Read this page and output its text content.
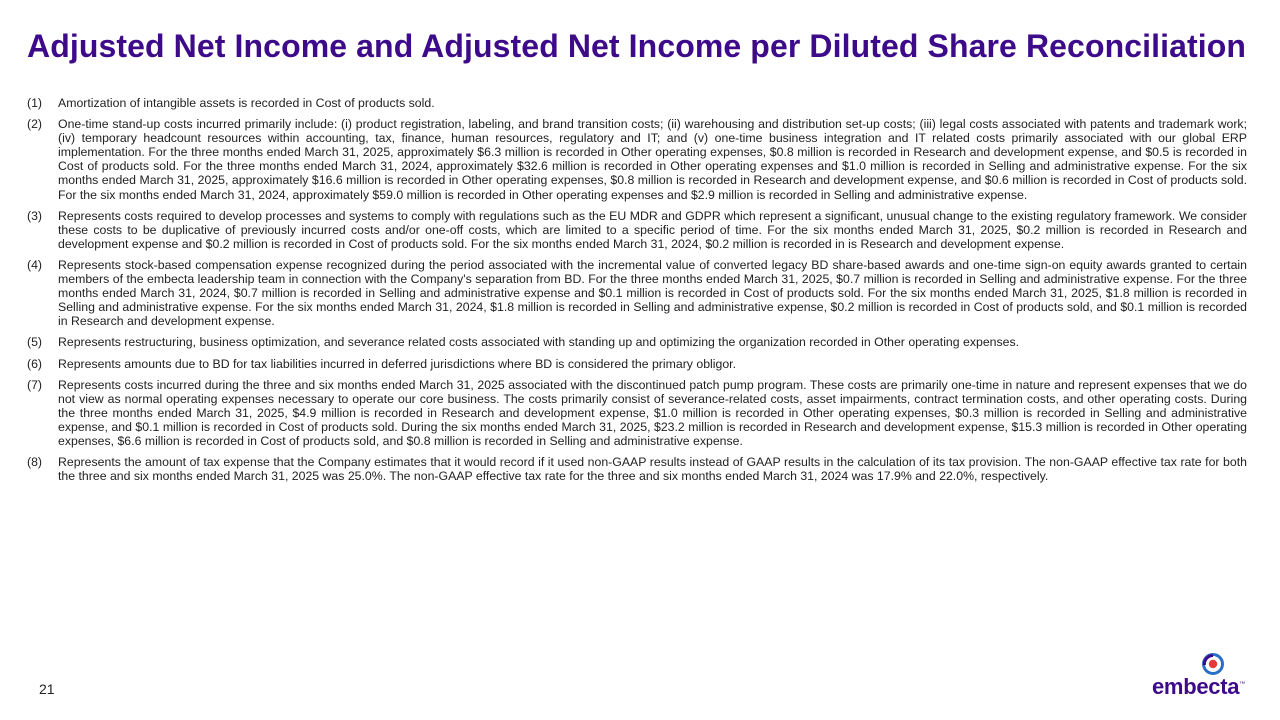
Adjusted Net Income and Adjusted Net Income per Diluted Share Reconciliation
(1)	Amortization of intangible assets is recorded in Cost of products sold.
(2)	One-time stand-up costs incurred primarily include: (i) product registration, labeling, and brand transition costs; (ii) warehousing and distribution set-up costs; (iii) legal costs associated with patents and trademark work; (iv) temporary headcount resources within accounting, tax, finance, human resources, regulatory and IT; and (v) one-time business integration and IT related costs primarily associated with our global ERP implementation. For the three months ended March 31, 2025, approximately $6.3 million is recorded in Other operating expenses, $0.8 million is recorded in Research and development expense, and $0.5 is recorded in Cost of products sold. For the three months ended March 31, 2024, approximately $32.6 million is recorded in Other operating expenses and $1.0 million is recorded in Selling and administrative expense. For the six months ended March 31, 2025, approximately $16.6 million is recorded in Other operating expenses, $0.8 million is recorded in Research and development expense, and $0.6 million is recorded in Cost of products sold. For the six months ended March 31, 2024, approximately $59.0 million is recorded in Other operating expenses and $2.9 million is recorded in Selling and administrative expense.
(3)	Represents costs required to develop processes and systems to comply with regulations such as the EU MDR and GDPR which represent a significant, unusual change to the existing regulatory framework. We consider these costs to be duplicative of previously incurred costs and/or one-off costs, which are limited to a specific period of time. For the six months ended March 31, 2025, $0.2 million is recorded in Research and development expense and $0.2 million is recorded in Cost of products sold. For the six months ended March 31, 2024, $0.2 million is recorded in is Research and development expense.
(4)	Represents stock-based compensation expense recognized during the period associated with the incremental value of converted legacy BD share-based awards and one-time sign-on equity awards granted to certain members of the embecta leadership team in connection with the Company's separation from BD. For the three months ended March 31, 2025, $0.7 million is recorded in Selling and administrative expense. For the three months ended March 31, 2024, $0.7 million is recorded in Selling and administrative expense and $0.1 million is recorded in Cost of products sold. For the six months ended March 31, 2025, $1.8 million is recorded in Selling and administrative expense. For the six months ended March 31, 2024, $1.8 million is recorded in Selling and administrative expense, $0.2 million is recorded in Cost of products sold, and $0.1 million is recorded in Research and development expense.
(5)	Represents restructuring, business optimization, and severance related costs associated with standing up and optimizing the organization recorded in Other operating expenses.
(6)	Represents amounts due to BD for tax liabilities incurred in deferred jurisdictions where BD is considered the primary obligor.
(7)	Represents costs incurred during the three and six months ended March 31, 2025 associated with the discontinued patch pump program. These costs are primarily one-time in nature and represent expenses that we do not view as normal operating expenses necessary to operate our core business. The costs primarily consist of severance-related costs, asset impairments, contract termination costs, and other operating costs. During the three months ended March 31, 2025, $4.9 million is recorded in Research and development expense, $1.0 million is recorded in Other operating expenses, $0.3 million is recorded in Selling and administrative expense, and $0.1 million is recorded in Cost of products sold. During the six months ended March 31, 2025, $23.2 million is recorded in Research and development expense, $15.3 million is recorded in Other operating expenses, $6.6 million is recorded in Cost of products sold, and $0.8 million is recorded in Selling and administrative expense.
(8)	Represents the amount of tax expense that the Company estimates that it would record if it used non-GAAP results instead of GAAP results in the calculation of its tax provision. The non-GAAP effective tax rate for both the three and six months ended March 31, 2025 was 25.0%. The non-GAAP effective tax rate for the three and six months ended March 31, 2024 was 17.9% and 22.0%, respectively.
21	embecta™
